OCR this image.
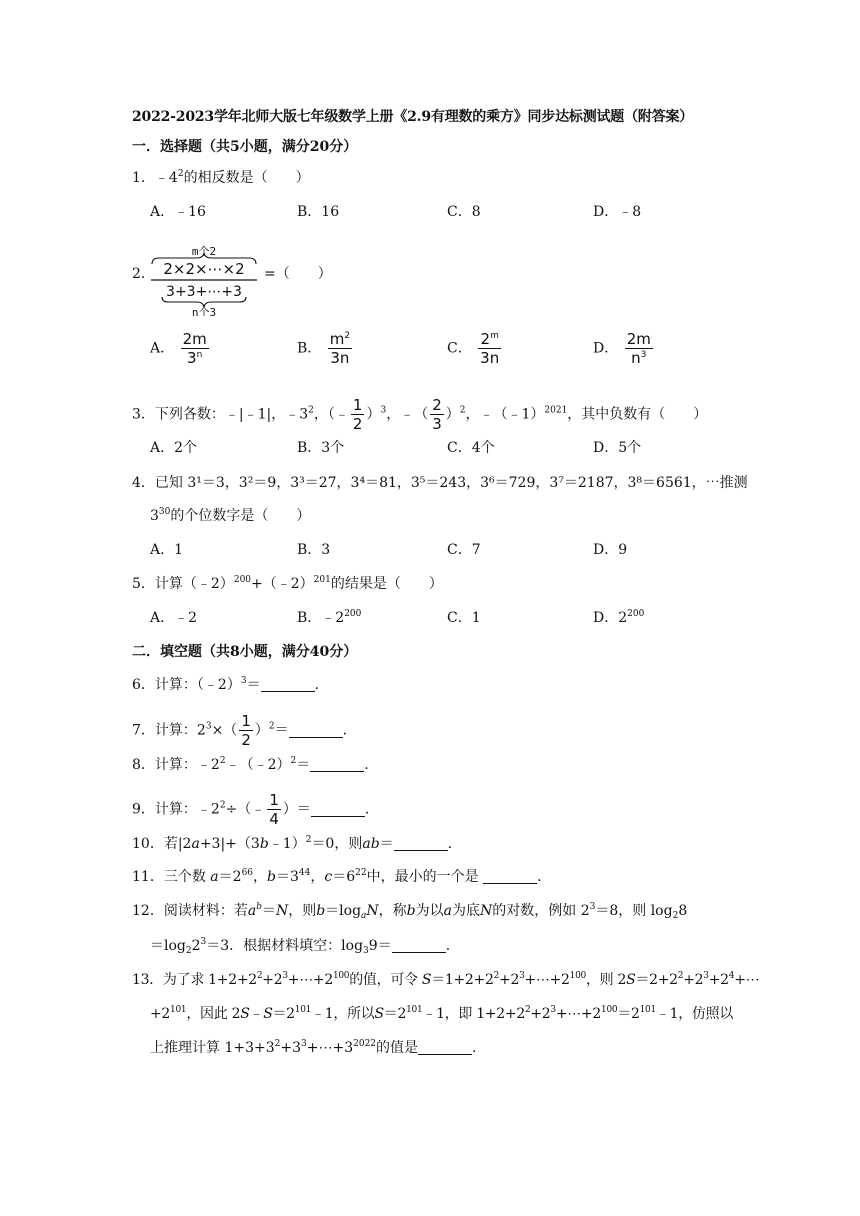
2022-2023学年北师大版七年级数学上册《2.9有理数的乘方》同步达标测试题（附答案）
一．选择题（共5小题，满分20分）
1．$﹣4^2$的相反数是（　　）
A．﹣16	B．16	C．8	D．﹣8
2．
m个2
2×2×⋯×2
3+3+⋯+3
n个3
=（　　）
A． $\frac{2m}{3^n}$	B． $\frac{m^2}{3n}$	C． $\frac{2^m}{3n}$	D． $\frac{2m}{n^3}$
3．下列各数：﹣|﹣1|，$﹣3^2$，（﹣ $\frac{1}{2} )^3$，﹣（ $\frac{2}{3} )^2$，﹣（﹣1）$^{2021}$，其中负数有（　　）
A．2个	B．3个	C．4个	D．5个
4．已知 3¹＝3，3²＝9，3³＝27，3⁴＝81，3⁵＝243，3⁶＝729，3⁷＝2187，3⁸＝6561，⋯推测
$3^{30}$的个位数字是（　　）
A．1	B．3	C．7	D．9
5．计算（﹣2）$^{200}$+（﹣2）$^{201}$的结果是（　　）
A．﹣2	B．$﹣2^{200}$	C．1	D．$2^{200}$
二．填空题（共8小题，满分40分）
6．计算：（﹣2）$^3$＝	.
7．计算：$2^3\times( \frac{1}{2} )^2=$	.
8．计算：$﹣2^2﹣(﹣2)^2=$	.
9．计算：$﹣2^2\div(﹣ \frac{1}{4}$ ）＝	.
10．若|2a+3|+（3b﹣1）$^2$＝0，则ab＝	.
11．三个数 $a=2^{66}$，$b=3^{44}$，$c=6^{22}$中，最小的一个是	.
12．阅读材料：若$a^b=N$，则$b=\log_aN$，称b为以a为底N的对数，例如 $2^3=8$，则 $\log_28$
$=\log_22^3=3$．根据材料填空：$\log_39=$	.
13．为了求 $1+2+2^2+2^3+\cdots+2^{100}$的值，可令 $S=1+2+2^2+2^3+\cdots+2^{100}$，则 $2S=2+2^2+2^3+2^4+\cdots$
$+2^{101}$，因此 $2S﹣S=2^{101}﹣1$，所以$S=2^{101}﹣1$，即 $1+2+2^2+2^3+\cdots+2^{100}=2^{101}﹣1$，仿照以
上推理计算 $1+3+3^2+3^3+\cdots+3^{2022}$的值是	.
